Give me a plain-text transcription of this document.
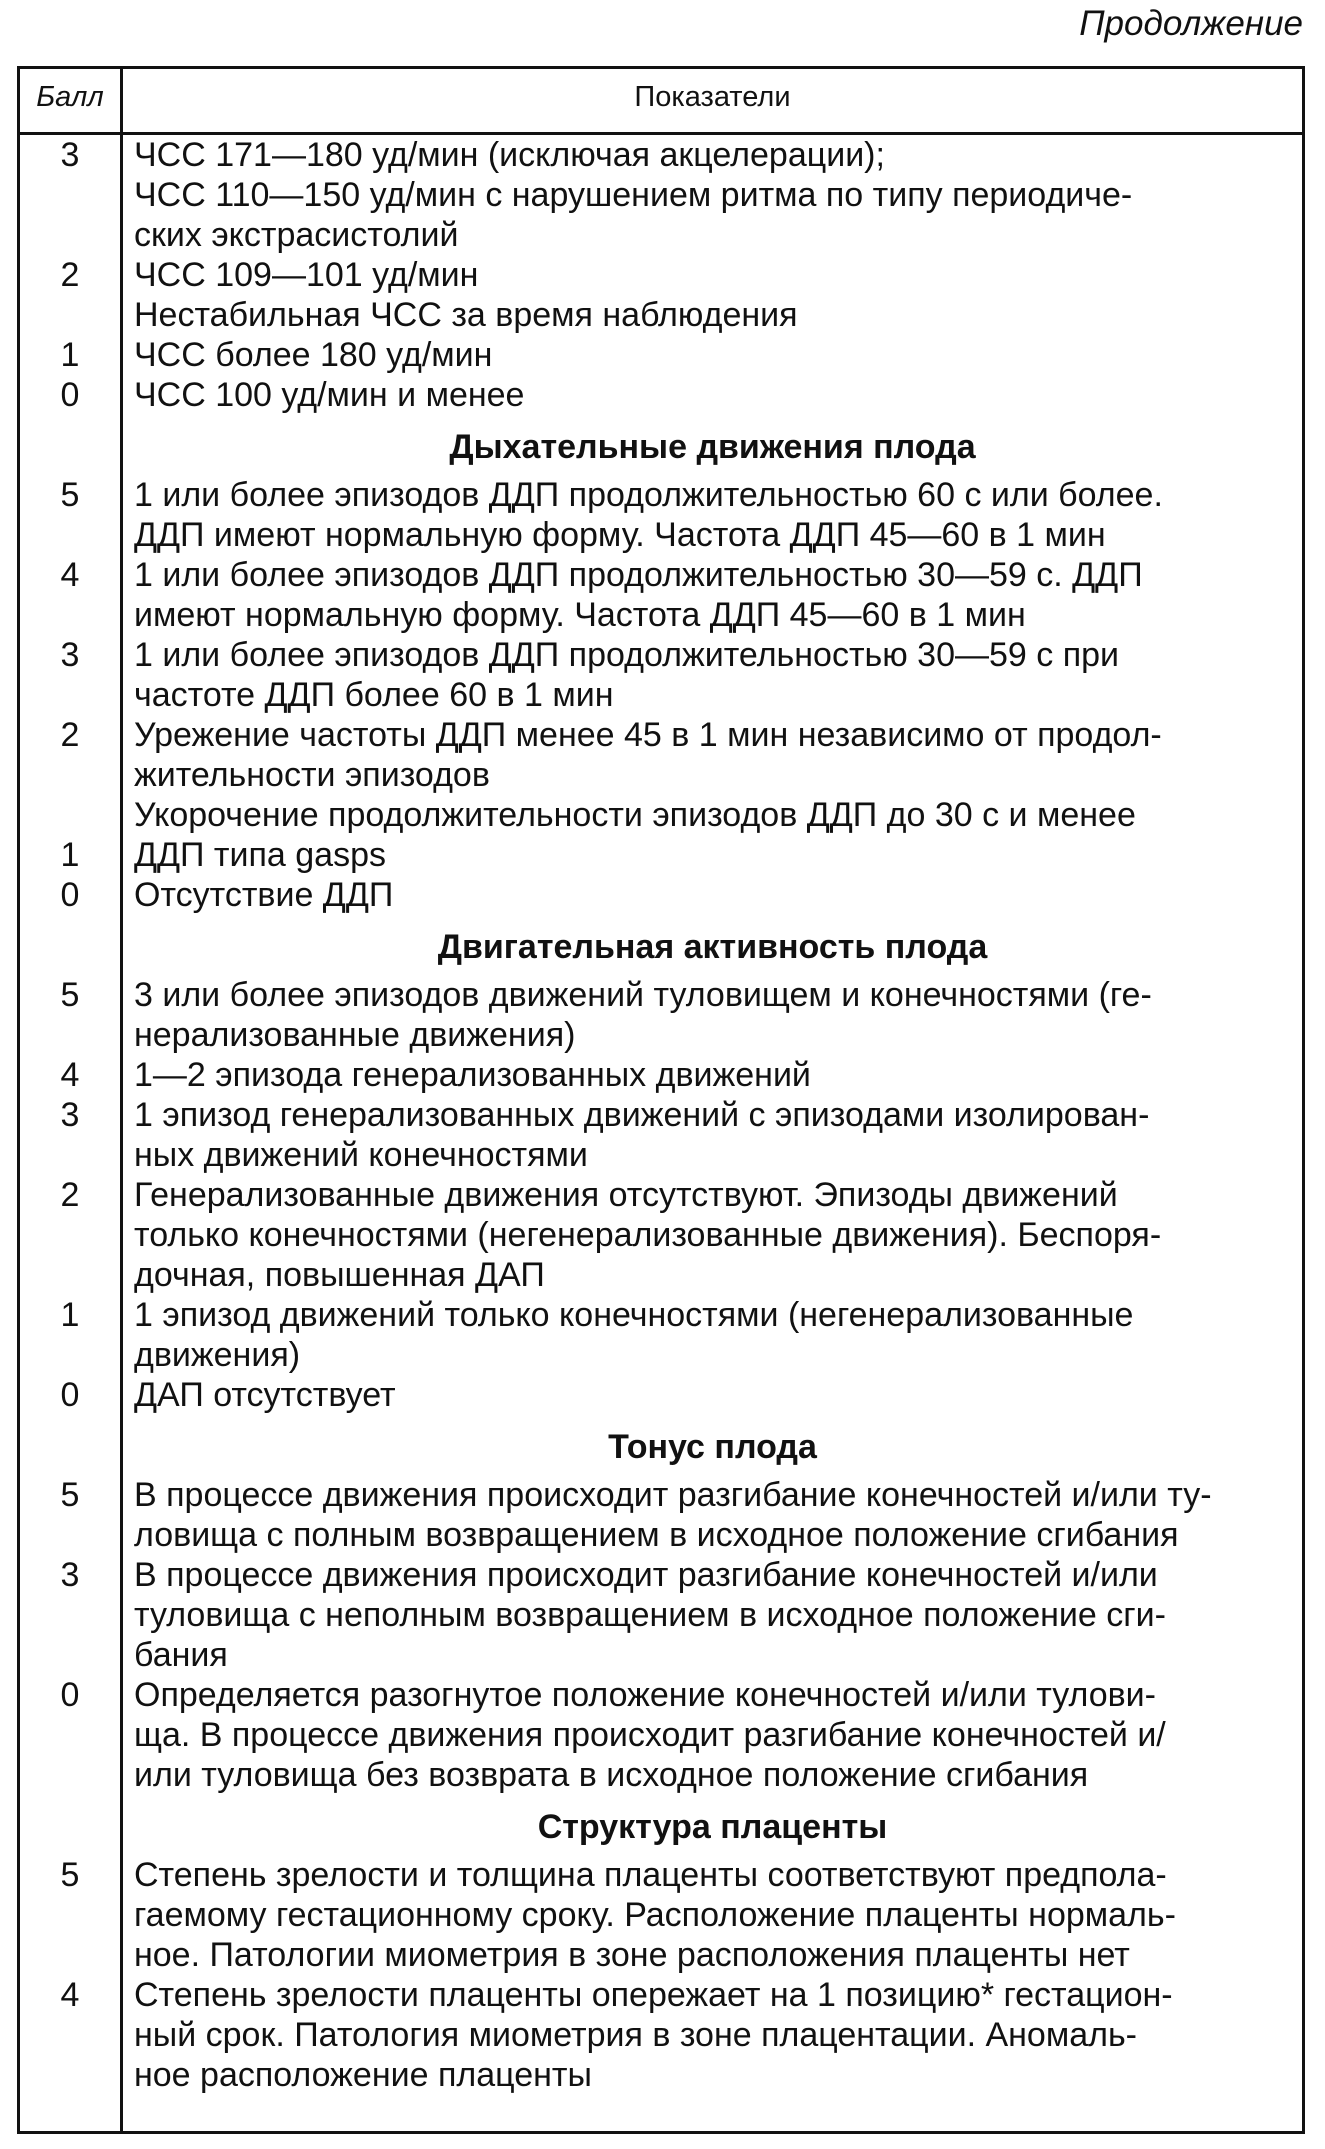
Продолжение
Балл	Показатели
3	ЧСС 171—180 уд/мин (исключая акцелерации);
ЧСС 110—150 уд/мин с нарушением ритма по типу периодиче-
ских экстрасистолий
2	ЧСС 109—101 уд/мин
Нестабильная ЧСС за время наблюдения
1	ЧСС более 180 уд/мин
0	ЧСС 100 уд/мин и менее
Дыхательные движения плода
5	1 или более эпизодов ДДП продолжительностью 60 с или более.
ДДП имеют нормальную форму. Частота ДДП 45—60 в 1 мин
4	1 или более эпизодов ДДП продолжительностью 30—59 с. ДДП
имеют нормальную форму. Частота ДДП 45—60 в 1 мин
3	1 или более эпизодов ДДП продолжительностью 30—59 с при
частоте ДДП более 60 в 1 мин
2	Урежение частоты ДДП менее 45 в 1 мин независимо от продол-
жительности эпизодов
Укорочение продолжительности эпизодов ДДП до 30 с и менее
1	ДДП типа gasps
0	Отсутствие ДДП
Двигательная активность плода
5	3 или более эпизодов движений туловищем и конечностями (ге-
нерализованные движения)
4	1—2 эпизода генерализованных движений
3	1 эпизод генерализованных движений с эпизодами изолирован-
ных движений конечностями
2	Генерализованные движения отсутствуют. Эпизоды движений
только конечностями (негенерализованные движения). Беспоря-
дочная, повышенная ДАП
1	1 эпизод движений только конечностями (негенерализованные
движения)
0	ДАП отсутствует
Тонус плода
5	В процессе движения происходит разгибание конечностей и/или ту-
ловища с полным возвращением в исходное положение сгибания
3	В процессе движения происходит разгибание конечностей и/или
туловища с неполным возвращением в исходное положение сги-
бания
0	Определяется разогнутое положение конечностей и/или тулови-
ща. В процессе движения происходит разгибание конечностей и/
или туловища без возврата в исходное положение сгибания
Структура плаценты
5	Степень зрелости и толщина плаценты соответствуют предпола-
гаемому гестационному сроку. Расположение плаценты нормаль-
ное. Патологии миометрия в зоне расположения плаценты нет
4	Степень зрелости плаценты опережает на 1 позицию* гестацион-
ный срок. Патология миометрия в зоне плацентации. Аномаль-
ное расположение плаценты
